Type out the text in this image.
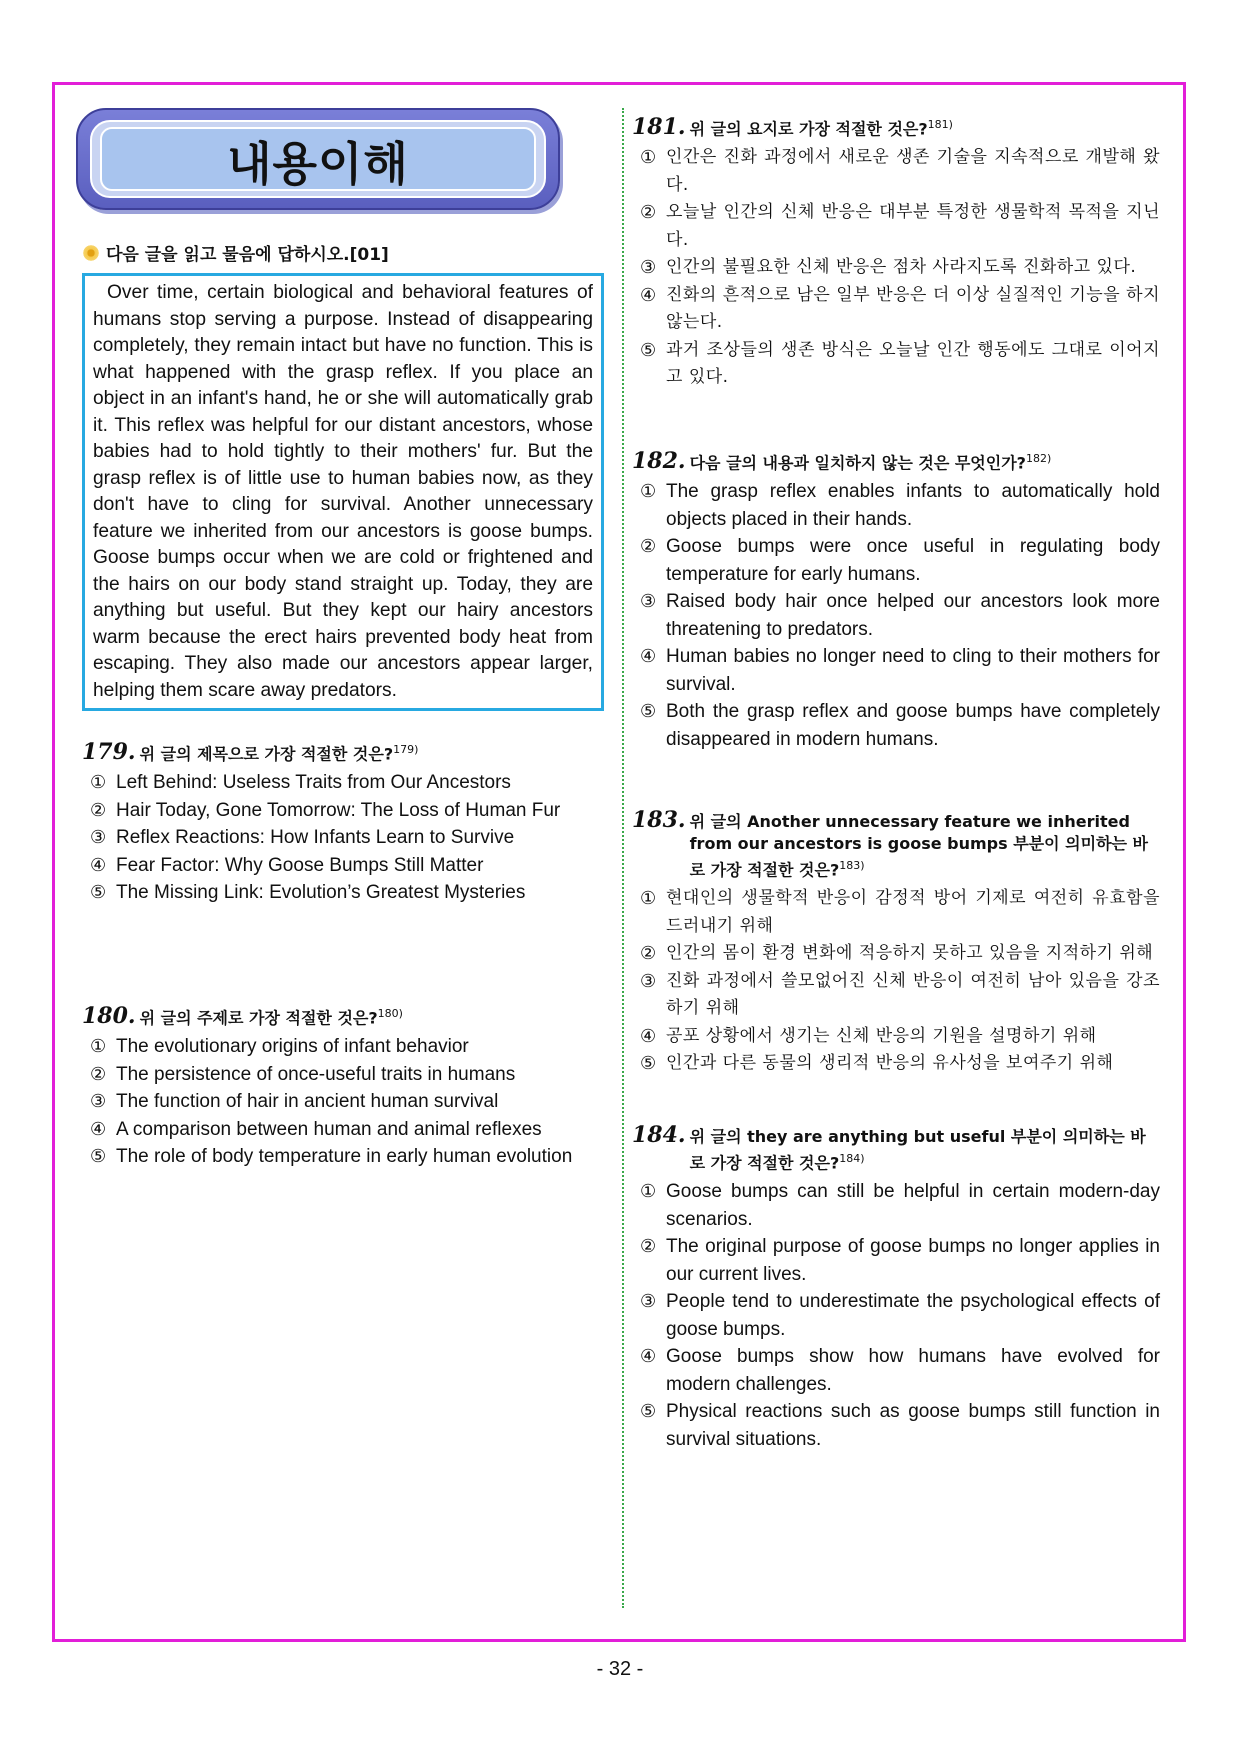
내용이해
다음 글을 읽고 물음에 답하시오.[01]
Over time, certain biological and behavioral features of humans stop serving a purpose. Instead of disappearing completely, they remain intact but have no function. This is what happened with the grasp reflex. If you place an object in an infant's hand, he or she will automatically grab it. This reflex was helpful for our distant ancestors, whose babies had to hold tightly to their mothers' fur. But the grasp reflex is of little use to human babies now, as they don't have to cling for survival. Another unnecessary feature we inherited from our ancestors is goose bumps. Goose bumps occur when we are cold or frightened and the hairs on our body stand straight up. Today, they are anything but useful. But they kept our hairy ancestors warm because the erect hairs prevented body heat from escaping. They also made our ancestors appear larger, helping them scare away predators.
179. 위 글의 제목으로 가장 적절한 것은?$^{179)}$
① Left Behind: Useless Traits from Our Ancestors
② Hair Today, Gone Tomorrow: The Loss of Human Fur
③ Reflex Reactions: How Infants Learn to Survive
④ Fear Factor: Why Goose Bumps Still Matter
⑤ The Missing Link: Evolution’s Greatest Mysteries
180. 위 글의 주제로 가장 적절한 것은?$^{180)}$
① The evolutionary origins of infant behavior
② The persistence of once-useful traits in humans
③ The function of hair in ancient human survival
④ A comparison between human and animal reflexes
⑤ The role of body temperature in early human evolution
181. 위 글의 요지로 가장 적절한 것은?$^{181)}$
① 인간은 진화 과정에서 새로운 생존 기술을 지속적으로 개발해 왔다.
② 오늘날 인간의 신체 반응은 대부분 특정한 생물학적 목적을 지닌다.
③ 인간의 불필요한 신체 반응은 점차 사라지도록 진화하고 있다.
④ 진화의 흔적으로 남은 일부 반응은 더 이상 실질적인 기능을 하지 않는다.
⑤ 과거 조상들의 생존 방식은 오늘날 인간 행동에도 그대로 이어지고 있다.
182. 다음 글의 내용과 일치하지 않는 것은 무엇인가?$^{182)}$
① The grasp reflex enables infants to automatically hold objects placed in their hands.
② Goose bumps were once useful in regulating body temperature for early humans.
③ Raised body hair once helped our ancestors look more threatening to predators.
④ Human babies no longer need to cling to their mothers for survival.
⑤ Both the grasp reflex and goose bumps have completely disappeared in modern humans.
183. 위 글의 Another unnecessary feature we inherited from our ancestors is goose bumps 부분이 의미하는 바로 가장 적절한 것은?$^{183)}$
① 현대인의 생물학적 반응이 감정적 방어 기제로 여전히 유효함을 드러내기 위해
② 인간의 몸이 환경 변화에 적응하지 못하고 있음을 지적하기 위해
③ 진화 과정에서 쓸모없어진 신체 반응이 여전히 남아 있음을 강조하기 위해
④ 공포 상황에서 생기는 신체 반응의 기원을 설명하기 위해
⑤ 인간과 다른 동물의 생리적 반응의 유사성을 보여주기 위해
184. 위 글의 they are anything but useful 부분이 의미하는 바로 가장 적절한 것은?$^{184)}$
① Goose bumps can still be helpful in certain modern-day scenarios.
② The original purpose of goose bumps no longer applies in our current lives.
③ People tend to underestimate the psychological effects of goose bumps.
④ Goose bumps show how humans have evolved for modern challenges.
⑤ Physical reactions such as goose bumps still function in survival situations.
- 32 -
